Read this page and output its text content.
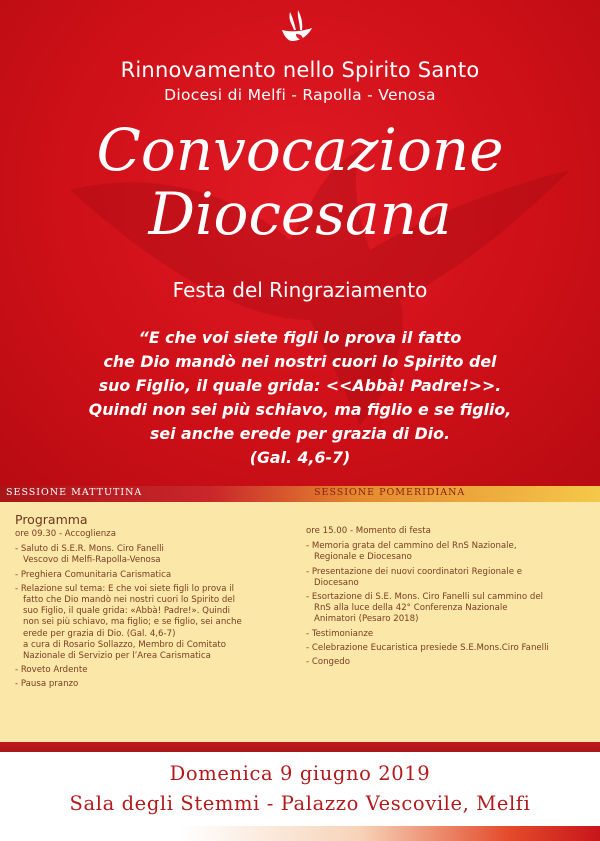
Rinnovamento nello Spirito Santo
Diocesi di Melfi - Rapolla - Venosa
Convocazione
Diocesana
Festa del Ringraziamento
“E che voi siete figli lo prova il fatto
che Dio mandò nei nostri cuori lo Spirito del
suo Figlio, il quale grida: <<Abbà! Padre!>>.
Quindi non sei più schiavo, ma figlio e se figlio,
sei anche erede per grazia di Dio.
(Gal. 4,6-7)
SESSIONE MATTUTINA	SESSIONE POMERIDIANA
Programma
ore 09.30 - Accoglienza
- Saluto di S.E.R. Mons. Ciro Fanelli
Vescovo di Melfi-Rapolla-Venosa
- Preghiera Comunitaria Carismatica
- Relazione sul tema: E che voi siete figli lo prova il
fatto che Dio mandò nei nostri cuori lo Spirito del
suo Figlio, il quale grida: «Abbà! Padre!». Quindi
non sei più schiavo, ma figlio; e se figlio, sei anche
erede per grazia di Dio. (Gal. 4,6-7)
a cura di Rosario Sollazzo, Membro di Comitato
Nazionale di Servizio per l’Area Carismatica
- Roveto Ardente
- Pausa pranzo
ore 15.00 - Momento di festa
- Memoria grata del cammino del RnS Nazionale,
Regionale e Diocesano
- Presentazione dei nuovi coordinatori Regionale e
Diocesano
- Esortazione di S.E. Mons. Ciro Fanelli sul cammino del
RnS alla luce della 42° Conferenza Nazionale
Animatori (Pesaro 2018)
- Testimonianze
- Celebrazione Eucaristica presiede S.E.Mons.Ciro Fanelli
- Congedo
Domenica 9 giugno 2019
Sala degli Stemmi - Palazzo Vescovile, Melfi
